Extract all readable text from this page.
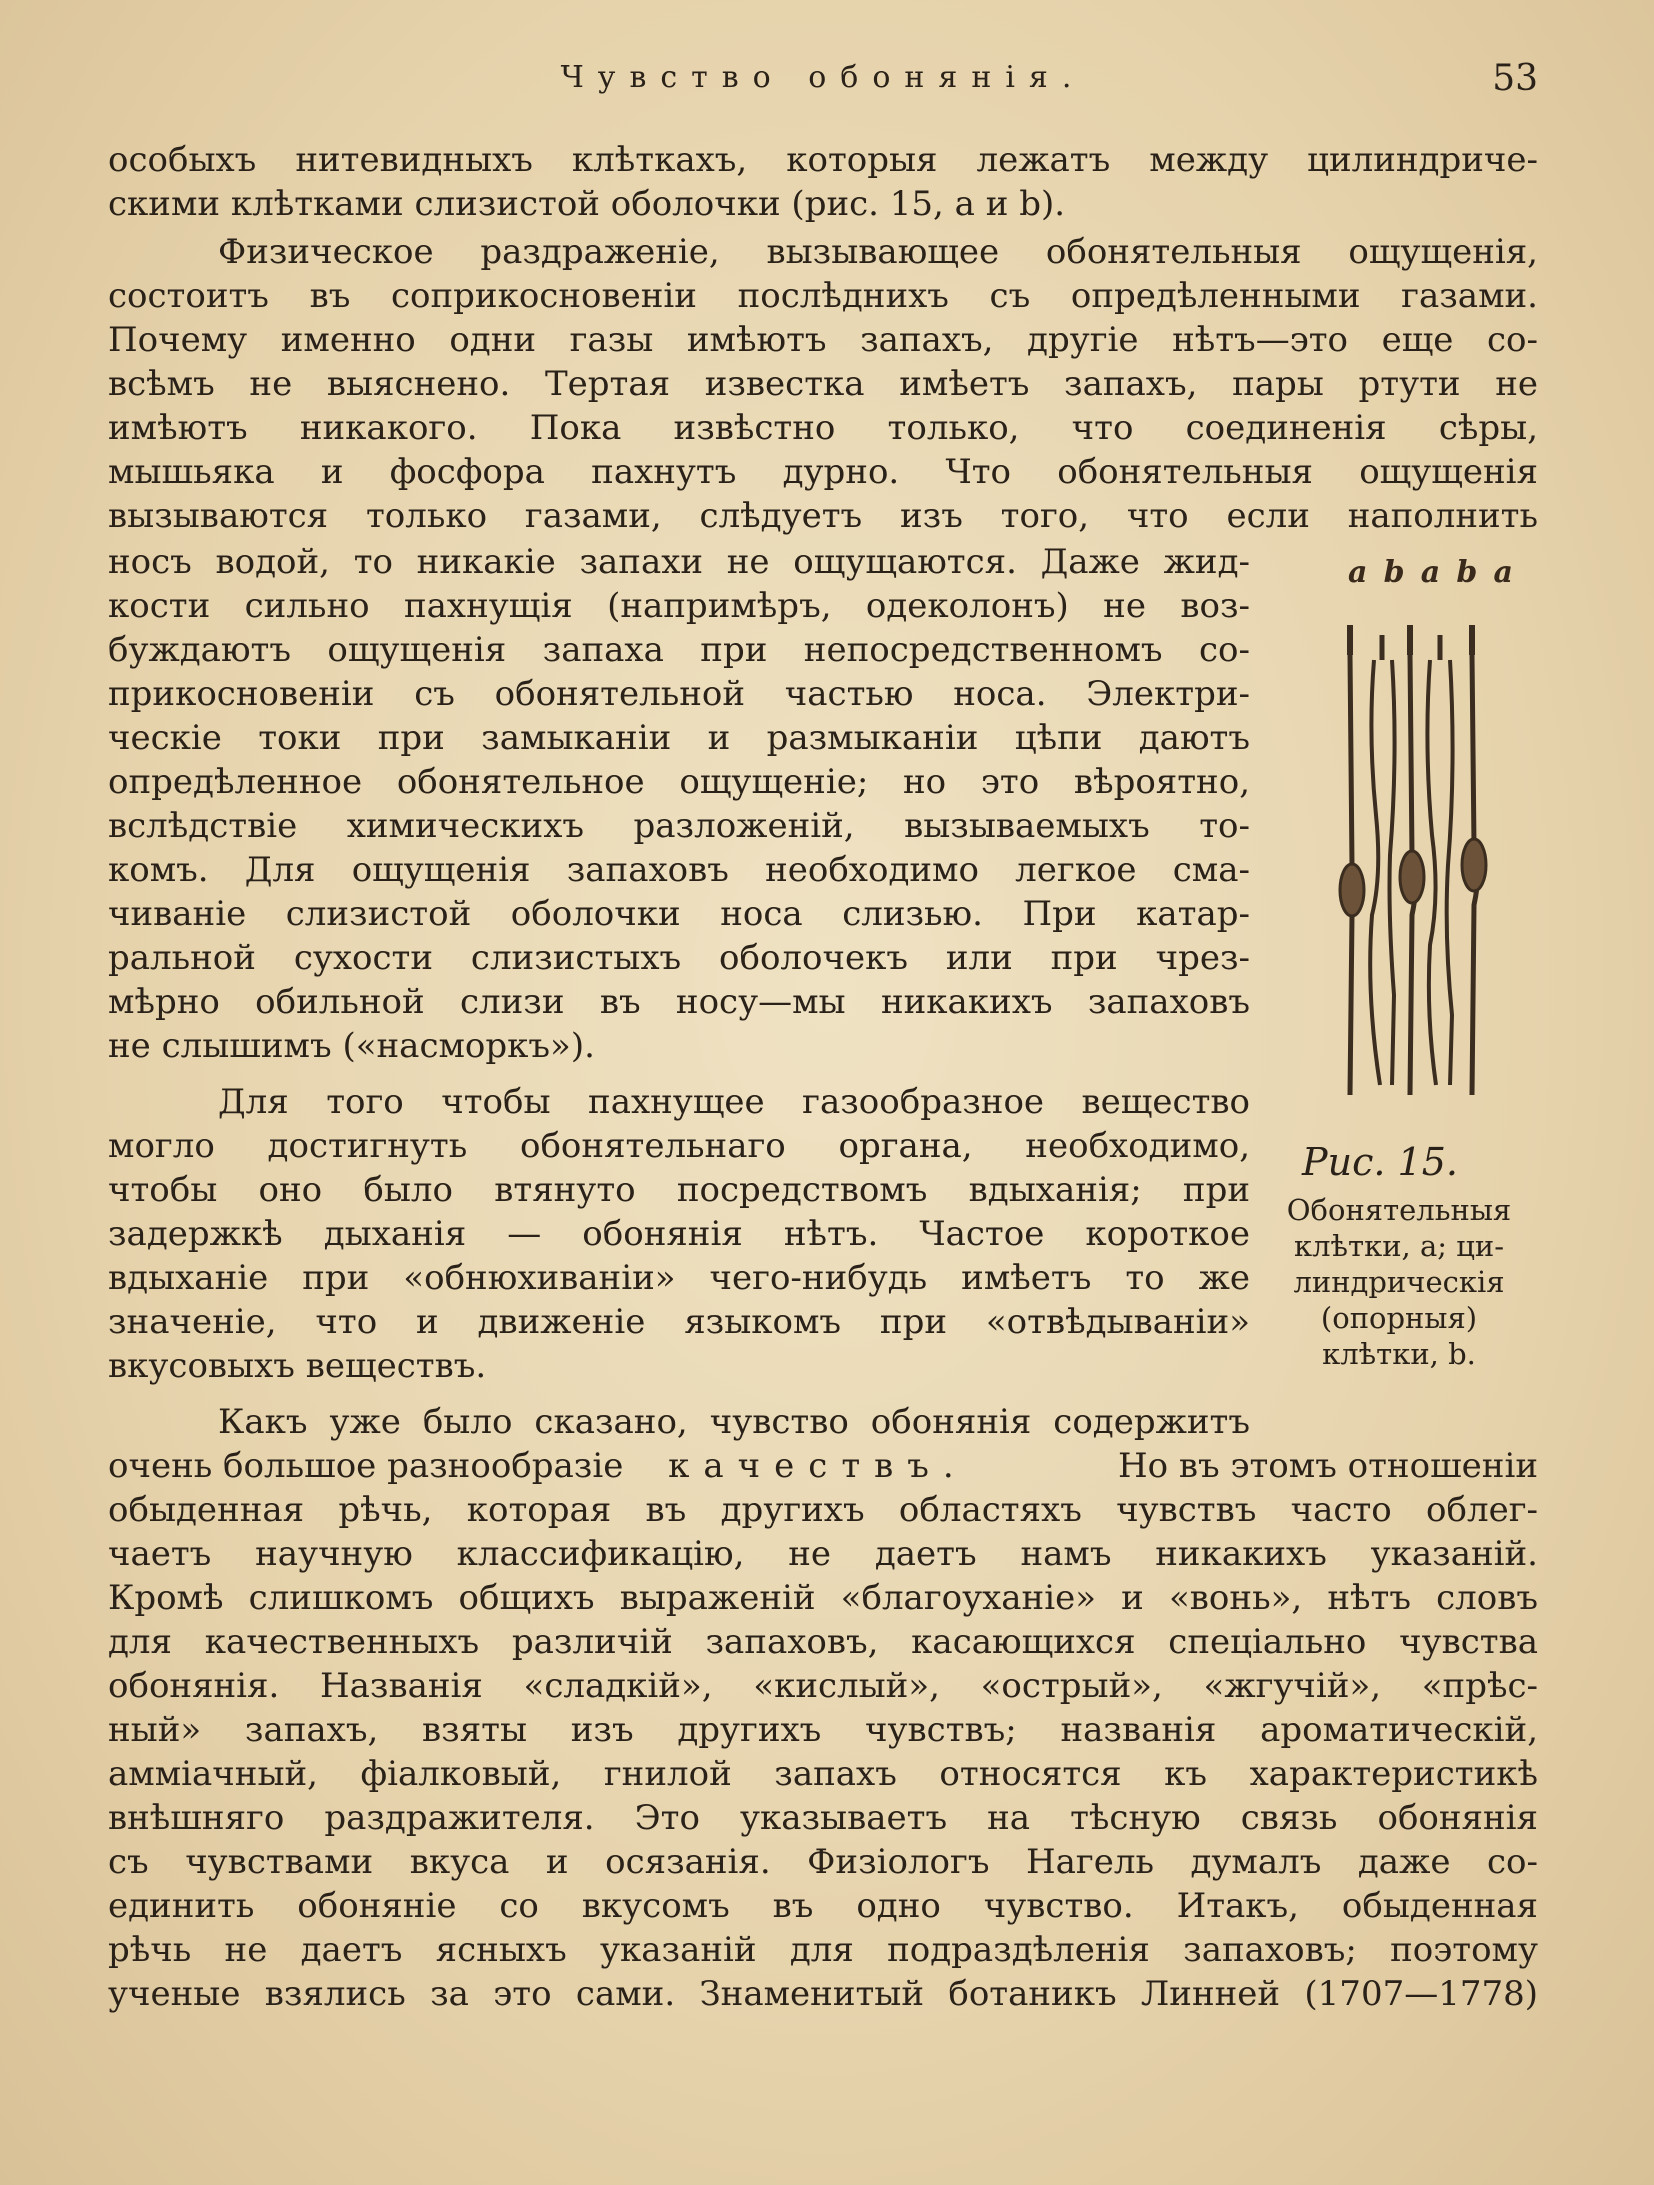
Чувство обонянія.	53
особыхъ нитевидныхъ клѣткахъ, которыя лежатъ между цилиндриче-
скими клѣтками слизистой оболочки (рис. 15, a и b).
Физическое раздраженіе, вызывающее обонятельныя ощущенія,
состоитъ въ соприкосновеніи послѣднихъ съ опредѣленными газами.
Почему именно одни газы имѣютъ запахъ, другіе нѣтъ—это еще со-
всѣмъ не выяснено. Тертая известка имѣетъ запахъ, пары ртути не
имѣютъ никакого. Пока извѣстно только, что соединенія сѣры,
мышьяка и фосфора пахнутъ дурно. Что обонятельныя ощущенія
вызываются только газами, слѣдуетъ изъ того, что если наполнить
носъ водой, то никакіе запахи не ощущаются. Даже жид-
кости сильно пахнущія (напримѣръ, одеколонъ) не воз-
буждаютъ ощущенія запаха при непосредственномъ со-
прикосновеніи съ обонятельной частью носа. Электри-
ческіе токи при замыканіи и размыканіи цѣпи даютъ
опредѣленное обонятельное ощущеніе; но это вѣроятно,
вслѣдствіе химическихъ разложеній, вызываемыхъ то-
комъ. Для ощущенія запаховъ необходимо легкое сма-
чиваніе слизистой оболочки носа слизью. При катар-
ральной сухости слизистыхъ оболочекъ или при чрез-
мѣрно обильной слизи въ носу—мы никакихъ запаховъ
не слышимъ («насморкъ»).
Для того чтобы пахнущее газообразное вещество
могло достигнуть обонятельнаго органа, необходимо,
чтобы оно было втянуто посредствомъ вдыханія; при
задержкѣ дыханія — обонянія нѣтъ. Частое короткое
вдыханіе при «обнюхиваніи» чего-нибудь имѣетъ то же
значеніе, что и движеніе языкомъ при «отвѣдываніи»
вкусовыхъ веществъ.
Какъ уже было сказано, чувство обонянія содержитъ
очень большое разнообразіе качествъ.	Но въ этомъ отношеніи
обыденная рѣчь, которая въ другихъ областяхъ чувствъ часто облег-
чаетъ научную классификацію, не даетъ намъ никакихъ указаній.
Кромѣ слишкомъ общихъ выраженій «благоуханіе» и «вонь», нѣтъ словъ
для качественныхъ различій запаховъ, касающихся спеціально чувства
обонянія. Названія «сладкій», «кислый», «острый», «жгучій», «прѣс-
ный» запахъ, взяты изъ другихъ чувствъ; названія ароматическій,
амміачный, фіалковый, гнилой запахъ относятся къ характеристикѣ
внѣшняго раздражителя. Это указываетъ на тѣсную связь обонянія
съ чувствами вкуса и осязанія. Физіологъ Нагель думалъ даже со-
единить обоняніе со вкусомъ въ одно чувство. Итакъ, обыденная
рѣчь не даетъ ясныхъ указаній для подраздѣленія запаховъ; поэтому
ученые взялись за это сами. Знаменитый ботаникъ Линней (1707—1778)
a b a b a
Рис. 15.
Обонятельныя
клѣтки, a; ци-
линдрическія
(опорныя)
клѣтки, b.
